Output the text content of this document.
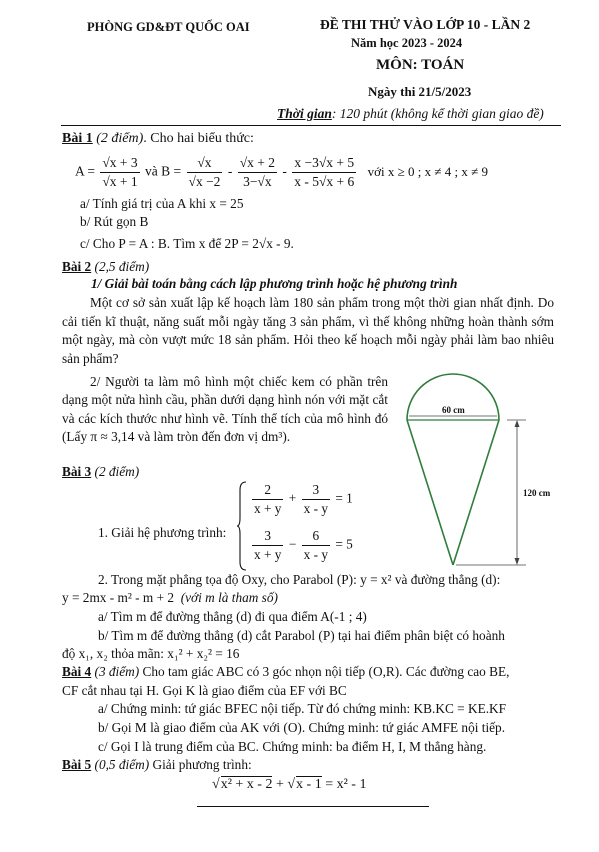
PHÒNG GD&ĐT QUỐC OAI	ĐỀ THI THỬ VÀO LỚP 10 - LẦN 2
Năm học 2023 - 2024
MÔN: TOÁN
Ngày thi 21/5/2023
Thời gian: 120 phút (không kể thời gian giao đề)
Bài 1 (2 điểm). Cho hai biểu thức:
$A = \frac{√x + 3}{√x + 1}$ và $B = \frac{√x}{√x -2} - \frac{√x + 2}{3-√x} - \frac{x -3√x + 5}{x - 5√x + 6}$ với x ≥ 0 ; x ≠ 4 ; x ≠ 9
a/ Tính giá trị của A khi x = 25
b/ Rút gọn B
c/ Cho P = A : B. Tìm x để 2P = 2√x - 9.
Bài 2 (2,5 điểm)
1/ Giải bài toán bằng cách lập phương trình hoặc hệ phương trình
Một cơ sở sản xuất lập kế hoạch làm 180 sản phẩm trong một thời gian nhất định. Do cải tiến kĩ thuật, năng suất mỗi ngày tăng 3 sản phẩm, vì thế không những hoàn thành sớm một ngày, mà còn vượt mức 18 sản phẩm. Hỏi theo kế hoạch mỗi ngày phải làm bao nhiêu sản phẩm?
2/ Người ta làm mô hình một chiếc kem có phần trên dạng một nửa hình cầu, phần dưới dạng hình nón với mặt cắt và các kích thước như hình vẽ. Tính thể tích của mô hình đó (Lấy π ≈ 3,14 và làm tròn đến đơn vị dm³).
60 cm
120 cm
Bài 3 (2 điểm)
1. Giải hệ phương trình:
$\frac{2}{x + y} + \frac{3}{x - y} = 1$
$\frac{3}{x + y} - \frac{6}{x - y} = 5$
2. Trong mặt phẳng tọa độ Oxy, cho Parabol (P): y = x² và đường thẳng (d):
y = 2mx - m² - m + 2 (với m là tham số)
a/ Tìm m để đường thẳng (d) đi qua điểm A(-1 ; 4)
b/ Tìm m để đường thẳng (d) cắt Parabol (P) tại hai điểm phân biệt có hoành
độ x₁, x₂ thỏa mãn: x₁² + x₂² = 16
Bài 4 (3 điểm) Cho tam giác ABC có 3 góc nhọn nội tiếp (O,R). Các đường cao BE,
CF cắt nhau tại H. Gọi K là giao điểm của EF với BC
a/ Chứng minh: tứ giác BFEC nội tiếp. Từ đó chứng minh: KB.KC = KE.KF
b/ Gọi M là giao điểm của AK với (O). Chứng minh: tứ giác AMFE nội tiếp.
c/ Gọi I là trung điểm của BC. Chứng minh: ba điểm H, I, M thẳng hàng.
Bài 5 (0,5 điểm) Giải phương trình:
√x² + x - 2 + √x - 1 = x² - 1
